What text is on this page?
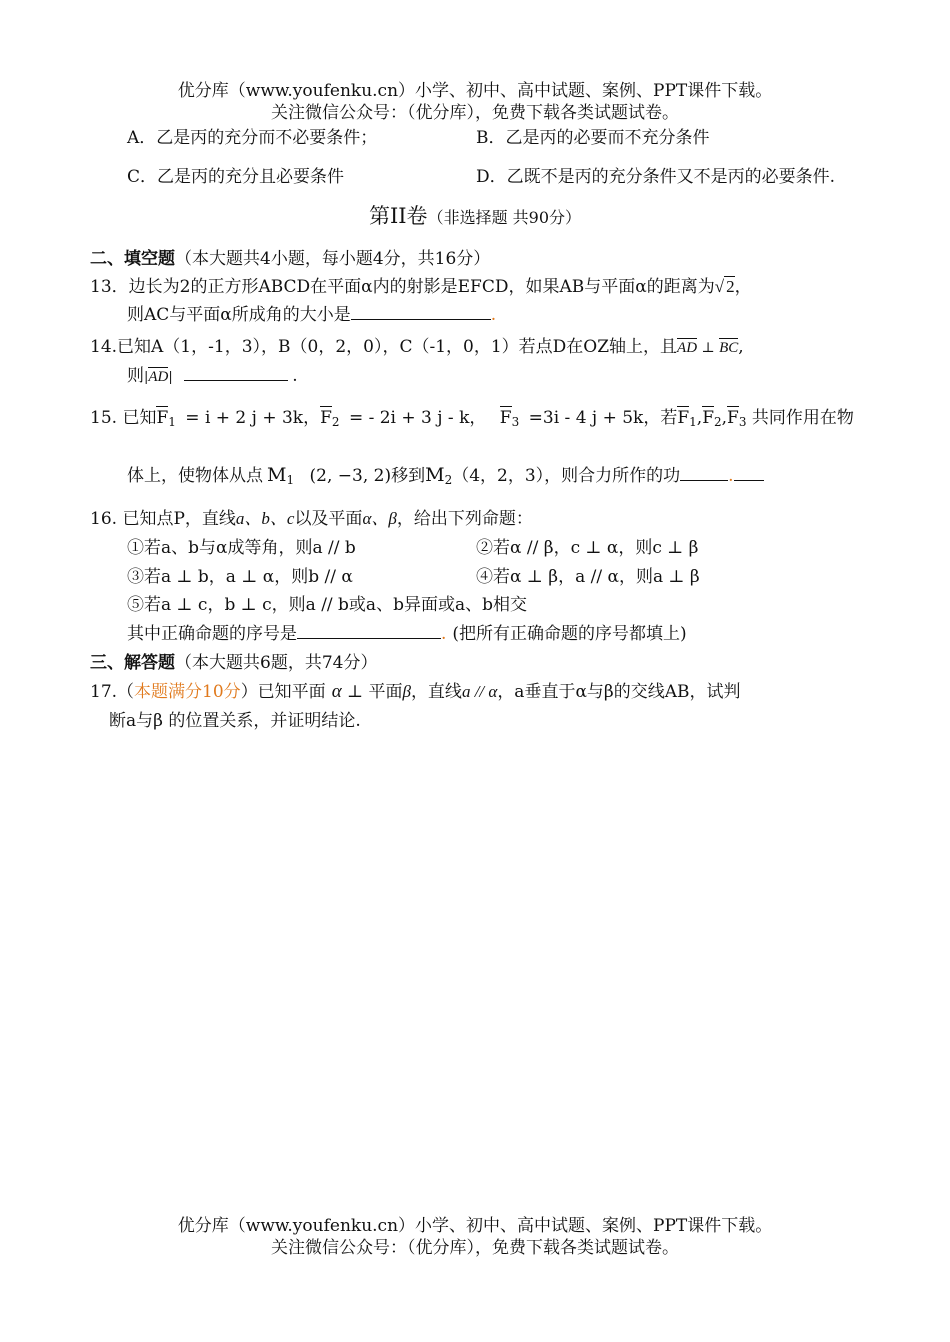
优分库（www.youfenku.cn）小学、初中、高中试题、案例、PPT课件下载。
关注微信公众号：（优分库），免费下载各类试题试卷。
A．乙是丙的充分而不必要条件；	B．乙是丙的必要而不充分条件
C．乙是丙的充分且必要条件	D．乙既不是丙的充分条件又不是丙的必要条件.
第II卷（非选择题 共90分）
二、填空题（本大题共4小题，每小题4分，共16分）
13．边长为2的正方形ABCD在平面α内的射影是EFCD，如果AB与平面α的距离为√ 2，
则AC与平面α所成角的大小是	.
14.已知A（1，-1，3），B（0，2，0），C（-1，0，1）若点D在OZ轴上，且AD ⊥ BC,
则|AD|	.
15. 已知$F_1 = i + 2$ j + 3k，$F_2$ = - 2i + 3 j - k， $F_3 =3i - 4$ j + 5k，若$F_1,F_2,F_3$ 共同作用在物
体上，使物体从点 $M_1$ (2, −3, 2)移到$M_2(4$，2，3），则合力所作的功	.
16. 已知点P，直线a、b、c以及平面α、β，给出下列命题：
①若a、b与α成等角，则a // b	②若α // β，c ⊥ α，则c ⊥ β
③若a ⊥ b，a ⊥ α，则b // α	④若α ⊥ β，a // α，则a ⊥ β
⑤若a ⊥ c，b ⊥ c，则a // b或a、b异面或a、b相交
其中正确命题的序号是	. (把所有正确命题的序号都填上)
三、解答题（本大题共6题，共74分）
17.（本题满分10分）已知平面 α ⊥ 平面β，直线a // α，a垂直于α与β的交线AB，试判
断a与β 的位置关系，并证明结论.
优分库（www.youfenku.cn）小学、初中、高中试题、案例、PPT课件下载。
关注微信公众号：（优分库），免费下载各类试题试卷。
